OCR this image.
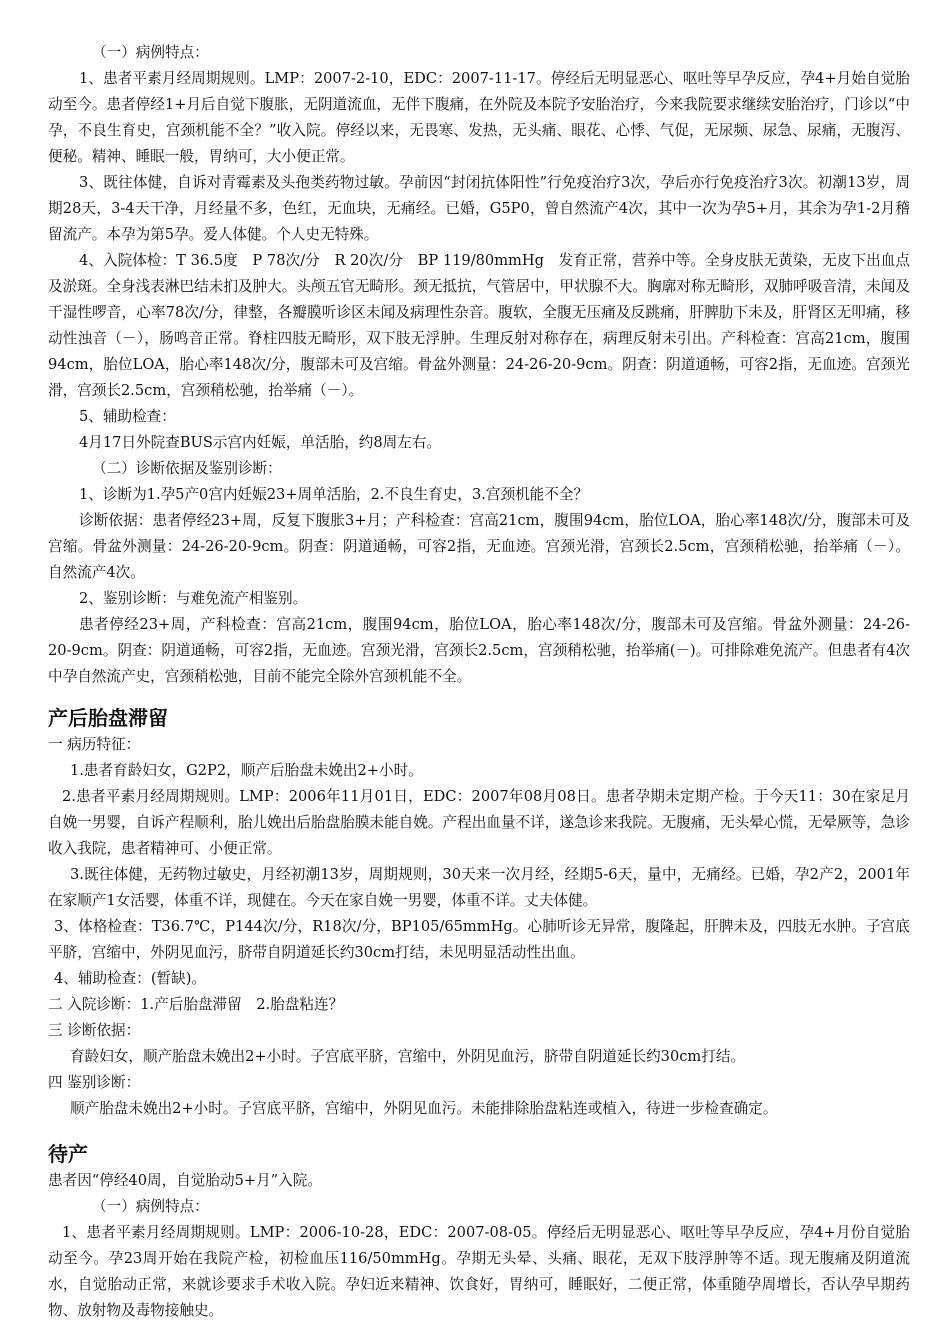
（一）病例特点：

1、患者平素月经周期规则。LMP：2007-2-10，EDC：2007-11-17。停经后无明显恶心、呕吐等早孕反应，孕4+月始自觉胎动至今。患者停经1+月后自觉下腹胀，无阴道流血，无伴下腹痛，在外院及本院予安胎治疗，今来我院要求继续安胎治疗，门诊以“中孕，不良生育史，宫颈机能不全？”收入院。停经以来，无畏寒、发热，无头痛、眼花、心悸、气促，无尿频、尿急、尿痛，无腹泻、便秘。精神、睡眠一般，胃纳可，大小便正常。

3、既往体健，自诉对青霉素及头孢类药物过敏。孕前因“封闭抗体阳性”行免疫治疗3次，孕后亦行免疫治疗3次。初潮13岁，周期28天，3-4天干净，月经量不多，色红，无血块，无痛经。已婚，G5P0，曾自然流产4次，其中一次为孕5+月，其余为孕1-2月稽留流产。本孕为第5孕。爱人体健。个人史无特殊。

4、入院体检：T 36.5度　P 78次/分　R 20次/分　BP 119/80mmHg　发育正常，营养中等。全身皮肤无黄染，无皮下出血点及淤斑。全身浅表淋巴结未扪及肿大。头颅五官无畸形。颈无抵抗，气管居中，甲状腺不大。胸廓对称无畸形，双肺呼吸音清，未闻及干湿性啰音，心率78次/分，律整，各瓣膜听诊区未闻及病理性杂音。腹软，全腹无压痛及反跳痛，肝脾肋下未及，肝肾区无叩痛，移动性浊音（－），肠鸣音正常。脊柱四肢无畸形，双下肢无浮肿。生理反射对称存在，病理反射未引出。产科检查：宫高21cm，腹围94cm，胎位LOA，胎心率148次/分，腹部未可及宫缩。骨盆外测量：24-26-20-9cm。阴查：阴道通畅，可容2指，无血迹。宫颈光滑，宫颈长2.5cm，宫颈稍松驰，抬举痛（－）。

5、辅助检查：

4月17日外院查BUS示宫内妊娠，单活胎，约8周左右。

（二）诊断依据及鉴别诊断：

1、诊断为1.孕5产0宫内妊娠23+周单活胎，2.不良生育史，3.宫颈机能不全？

诊断依据：患者停经23+周，反复下腹胀3+月；产科检查：宫高21cm，腹围94cm，胎位LOA，胎心率148次/分，腹部未可及宫缩。骨盆外测量：24-26-20-9cm。阴查：阴道通畅，可容2指，无血迹。宫颈光滑，宫颈长2.5cm，宫颈稍松驰，抬举痛（－）。自然流产4次。

2、鉴别诊断：与难免流产相鉴别。

患者停经23+周，产科检查：宫高21cm，腹围94cm，胎位LOA，胎心率148次/分，腹部未可及宫缩。骨盆外测量：24-26-20-9cm。阴查：阴道通畅，可容2指，无血迹。宫颈光滑，宫颈长2.5cm，宫颈稍松驰，抬举痛(－)。可排除难免流产。但患者有4次中孕自然流产史，宫颈稍松弛，目前不能完全除外宫颈机能不全。

产后胎盘滞留

一 病历特征：

1.患者育龄妇女，G2P2，顺产后胎盘未娩出2+小时。

2.患者平素月经周期规则。LMP：2006年11月01日，EDC：2007年08月08日。患者孕期未定期产检。于今天11：30在家足月自娩一男婴，自诉产程顺利，胎儿娩出后胎盘胎膜未能自娩。产程出血量不详，遂急诊来我院。无腹痛，无头晕心慌，无晕厥等，急诊收入我院，患者精神可、小便正常。

3.既往体健，无药物过敏史，月经初潮13岁，周期规则，30天来一次月经，经期5-6天，量中，无痛经。已婚，孕2产2，2001年在家顺产1女活婴，体重不详，现健在。今天在家自娩一男婴，体重不详。丈夫体健。

3、体格检查：T36.7℃，P144次/分，R18次/分，BP105/65mmHg。心肺听诊无异常，腹隆起，肝脾未及，四肢无水肿。子宫底平脐，宫缩中，外阴见血污，脐带自阴道延长约30cm打结，未见明显活动性出血。

4、辅助检查：(暂缺)。

二 入院诊断：1.产后胎盘滞留　2.胎盘粘连？

三 诊断依据：

育龄妇女，顺产胎盘未娩出2+小时。子宫底平脐，宫缩中，外阴见血污，脐带自阴道延长约30cm打结。

四 鉴别诊断：

顺产胎盘未娩出2+小时。子宫底平脐，宫缩中，外阴见血污。未能排除胎盘粘连或植入，待进一步检查确定。

待产

患者因“停经40周，自觉胎动5+月”入院。

（一）病例特点：

1、患者平素月经周期规则。LMP：2006-10-28，EDC：2007-08-05。停经后无明显恶心、呕吐等早孕反应，孕4+月份自觉胎动至今。孕23周开始在我院产检，初检血压116/50mmHg。孕期无头晕、头痛、眼花，无双下肢浮肿等不适。现无腹痛及阴道流水，自觉胎动正常，来就诊要求手术收入院。孕妇近来精神、饮食好，胃纳可，睡眠好，二便正常，体重随孕周增长，否认孕早期药物、放射物及毒物接触史。
